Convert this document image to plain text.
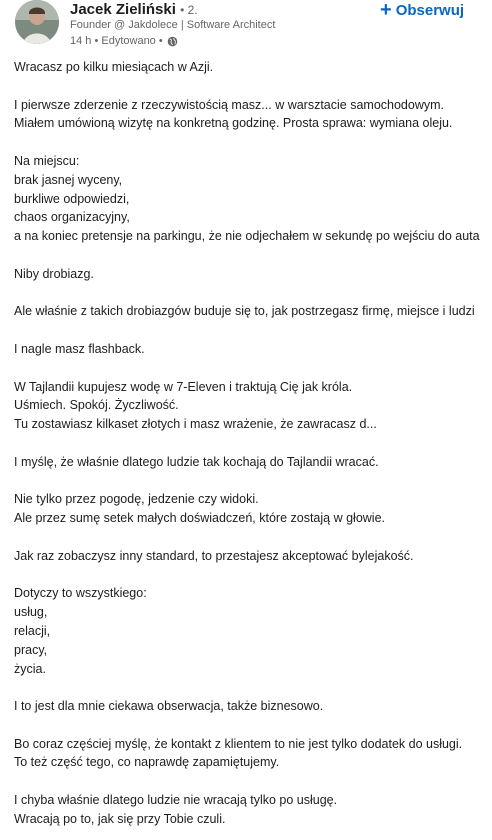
Jacek Zieliński • 2.
Founder @ Jakdolece | Software Architect
14 h • Edytowano •
+ Obserwuj
Wracasz po kilku miesiącach w Azji.
I pierwsze zderzenie z rzeczywistością masz... w warsztacie samochodowym.
Miałem umówioną wizytę na konkretną godzinę. Prosta sprawa: wymiana oleju.
Na miejscu:
brak jasnej wyceny,
burkliwe odpowiedzi,
chaos organizacyjny,
a na koniec pretensje na parkingu, że nie odjechałem w sekundę po wejściu do auta
Niby drobiazg.
Ale właśnie z takich drobiazgów buduje się to, jak postrzegasz firmę, miejsce i ludzi
I nagle masz flashback.
W Tajlandii kupujesz wodę w 7-Eleven i traktują Cię jak króla.
Uśmiech. Spokój. Życzliwość.
Tu zostawiasz kilkaset złotych i masz wrażenie, że zawracasz d...
I myślę, że właśnie dlatego ludzie tak kochają do Tajlandii wracać.
Nie tylko przez pogodę, jedzenie czy widoki.
Ale przez sumę setek małych doświadczeń, które zostają w głowie.
Jak raz zobaczysz inny standard, to przestajesz akceptować bylejakość.
Dotyczy to wszystkiego:
usług,
relacji,
pracy,
życia.
I to jest dla mnie ciekawa obserwacja, także biznesowo.
Bo coraz częściej myślę, że kontakt z klientem to nie jest tylko dodatek do usługi.
To też część tego, co naprawdę zapamiętujemy.
I chyba właśnie dlatego ludzie nie wracają tylko po usługę.
Wracają po to, jak się przy Tobie czuli.
